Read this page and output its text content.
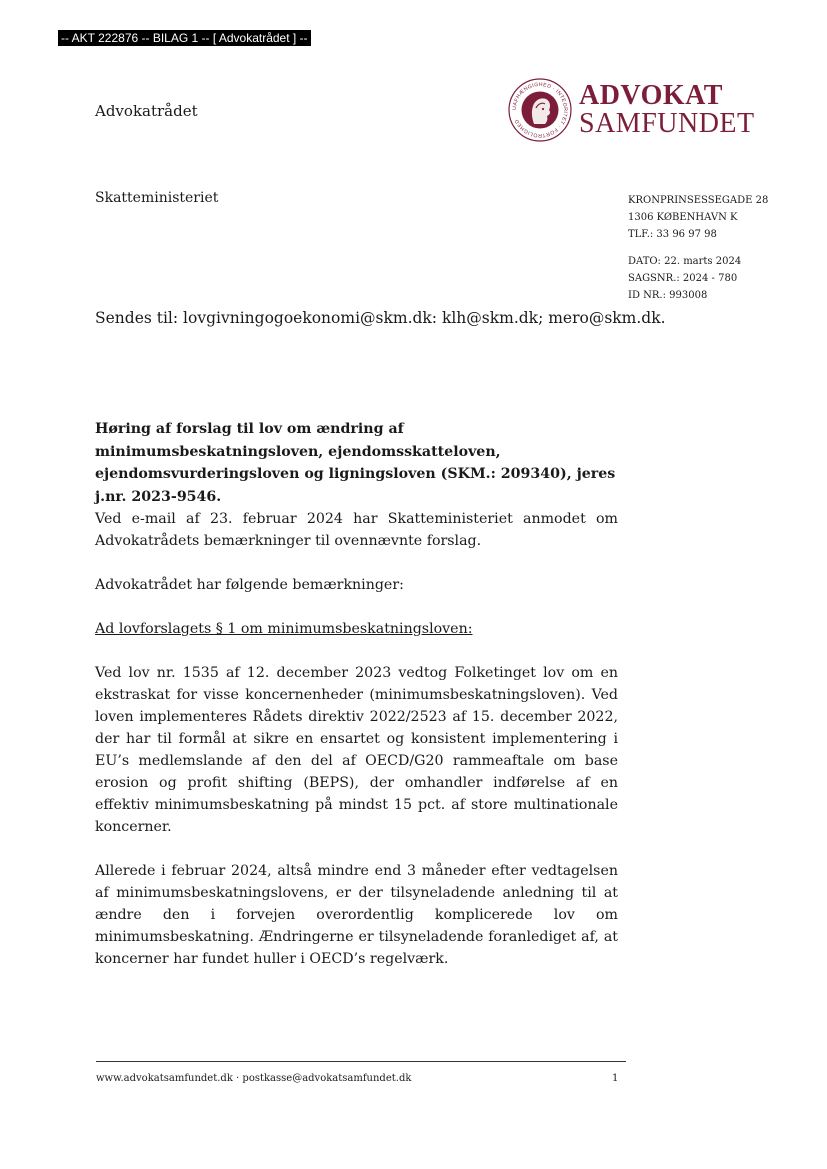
-- AKT 222876 -- BILAG 1 -- [ Advokatrådet ] --
Advokatrådet	UAFHÆNGIGHED · INTEGRITET · FORTROLIGHED
ADVOKAT
SAMFUNDET
Skatteministeriet	KRONPRINSESSEGADE 28
1306 KØBENHAVN K
TLF.: 33 96 97 98
DATO: 22. marts 2024
SAGSNR.: 2024 - 780
ID NR.: 993008
Sendes til: lovgivningogoekonomi@skm.dk: klh@skm.dk; mero@skm.dk.
Høring af forslag til lov om ændring af minimumsbeskatningsloven, ejendomsskatteloven, ejendomsvurderingsloven og ligningsloven (SKM.: 209340), jeres j.nr. 2023-9546.

Ved e-mail af 23. februar 2024 har Skatteministeriet anmodet om Advokatrådets bemærkninger til ovennævnte forslag.

Advokatrådet har følgende bemærkninger:

Ad lovforslagets § 1 om minimumsbeskatningsloven:

Ved lov nr. 1535 af 12. december 2023 vedtog Folketinget lov om en ekstraskat for visse koncernenheder (minimumsbeskatningsloven). Ved loven implementeres Rådets direktiv 2022/2523 af 15. december 2022, der har til formål at sikre en ensartet og konsistent implementering i EU’s medlemslande af den del af OECD/G20 rammeaftale om base erosion og profit shifting (BEPS), der omhandler indførelse af en effektiv minimumsbeskatning på mindst 15 pct. af store multinationale koncerner.

Allerede i februar 2024, altså mindre end 3 måneder efter vedtagelsen af minimumsbeskatningslovens, er der tilsyneladende anledning til at ændre den i forvejen overordentlig komplicerede lov om minimumsbeskatning. Ændringerne er tilsyneladende foranlediget af, at koncerner har fundet huller i OECD’s regelværk.

www.advokatsamfundet.dk · postkasse@advokatsamfundet.dk	1
